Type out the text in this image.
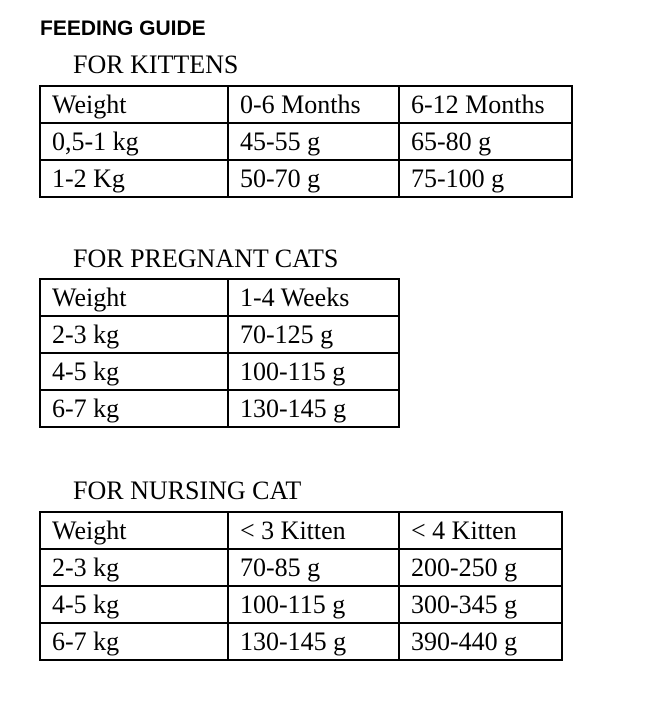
FEEDING GUIDE
FOR KITTENS
Weight	0-6 Months	6-12 Months
0,5-1 kg	45-55 g	65-80 g
1-2 Kg	50-70 g	75-100 g
FOR PREGNANT CATS
Weight	1-4 Weeks
2-3 kg	70-125 g
4-5 kg	100-115 g
6-7 kg	130-145 g
FOR NURSING CAT
Weight	< 3 Kitten	< 4 Kitten
2-3 kg	70-85 g	200-250 g
4-5 kg	100-115 g	300-345 g
6-7 kg	130-145 g	390-440 g
